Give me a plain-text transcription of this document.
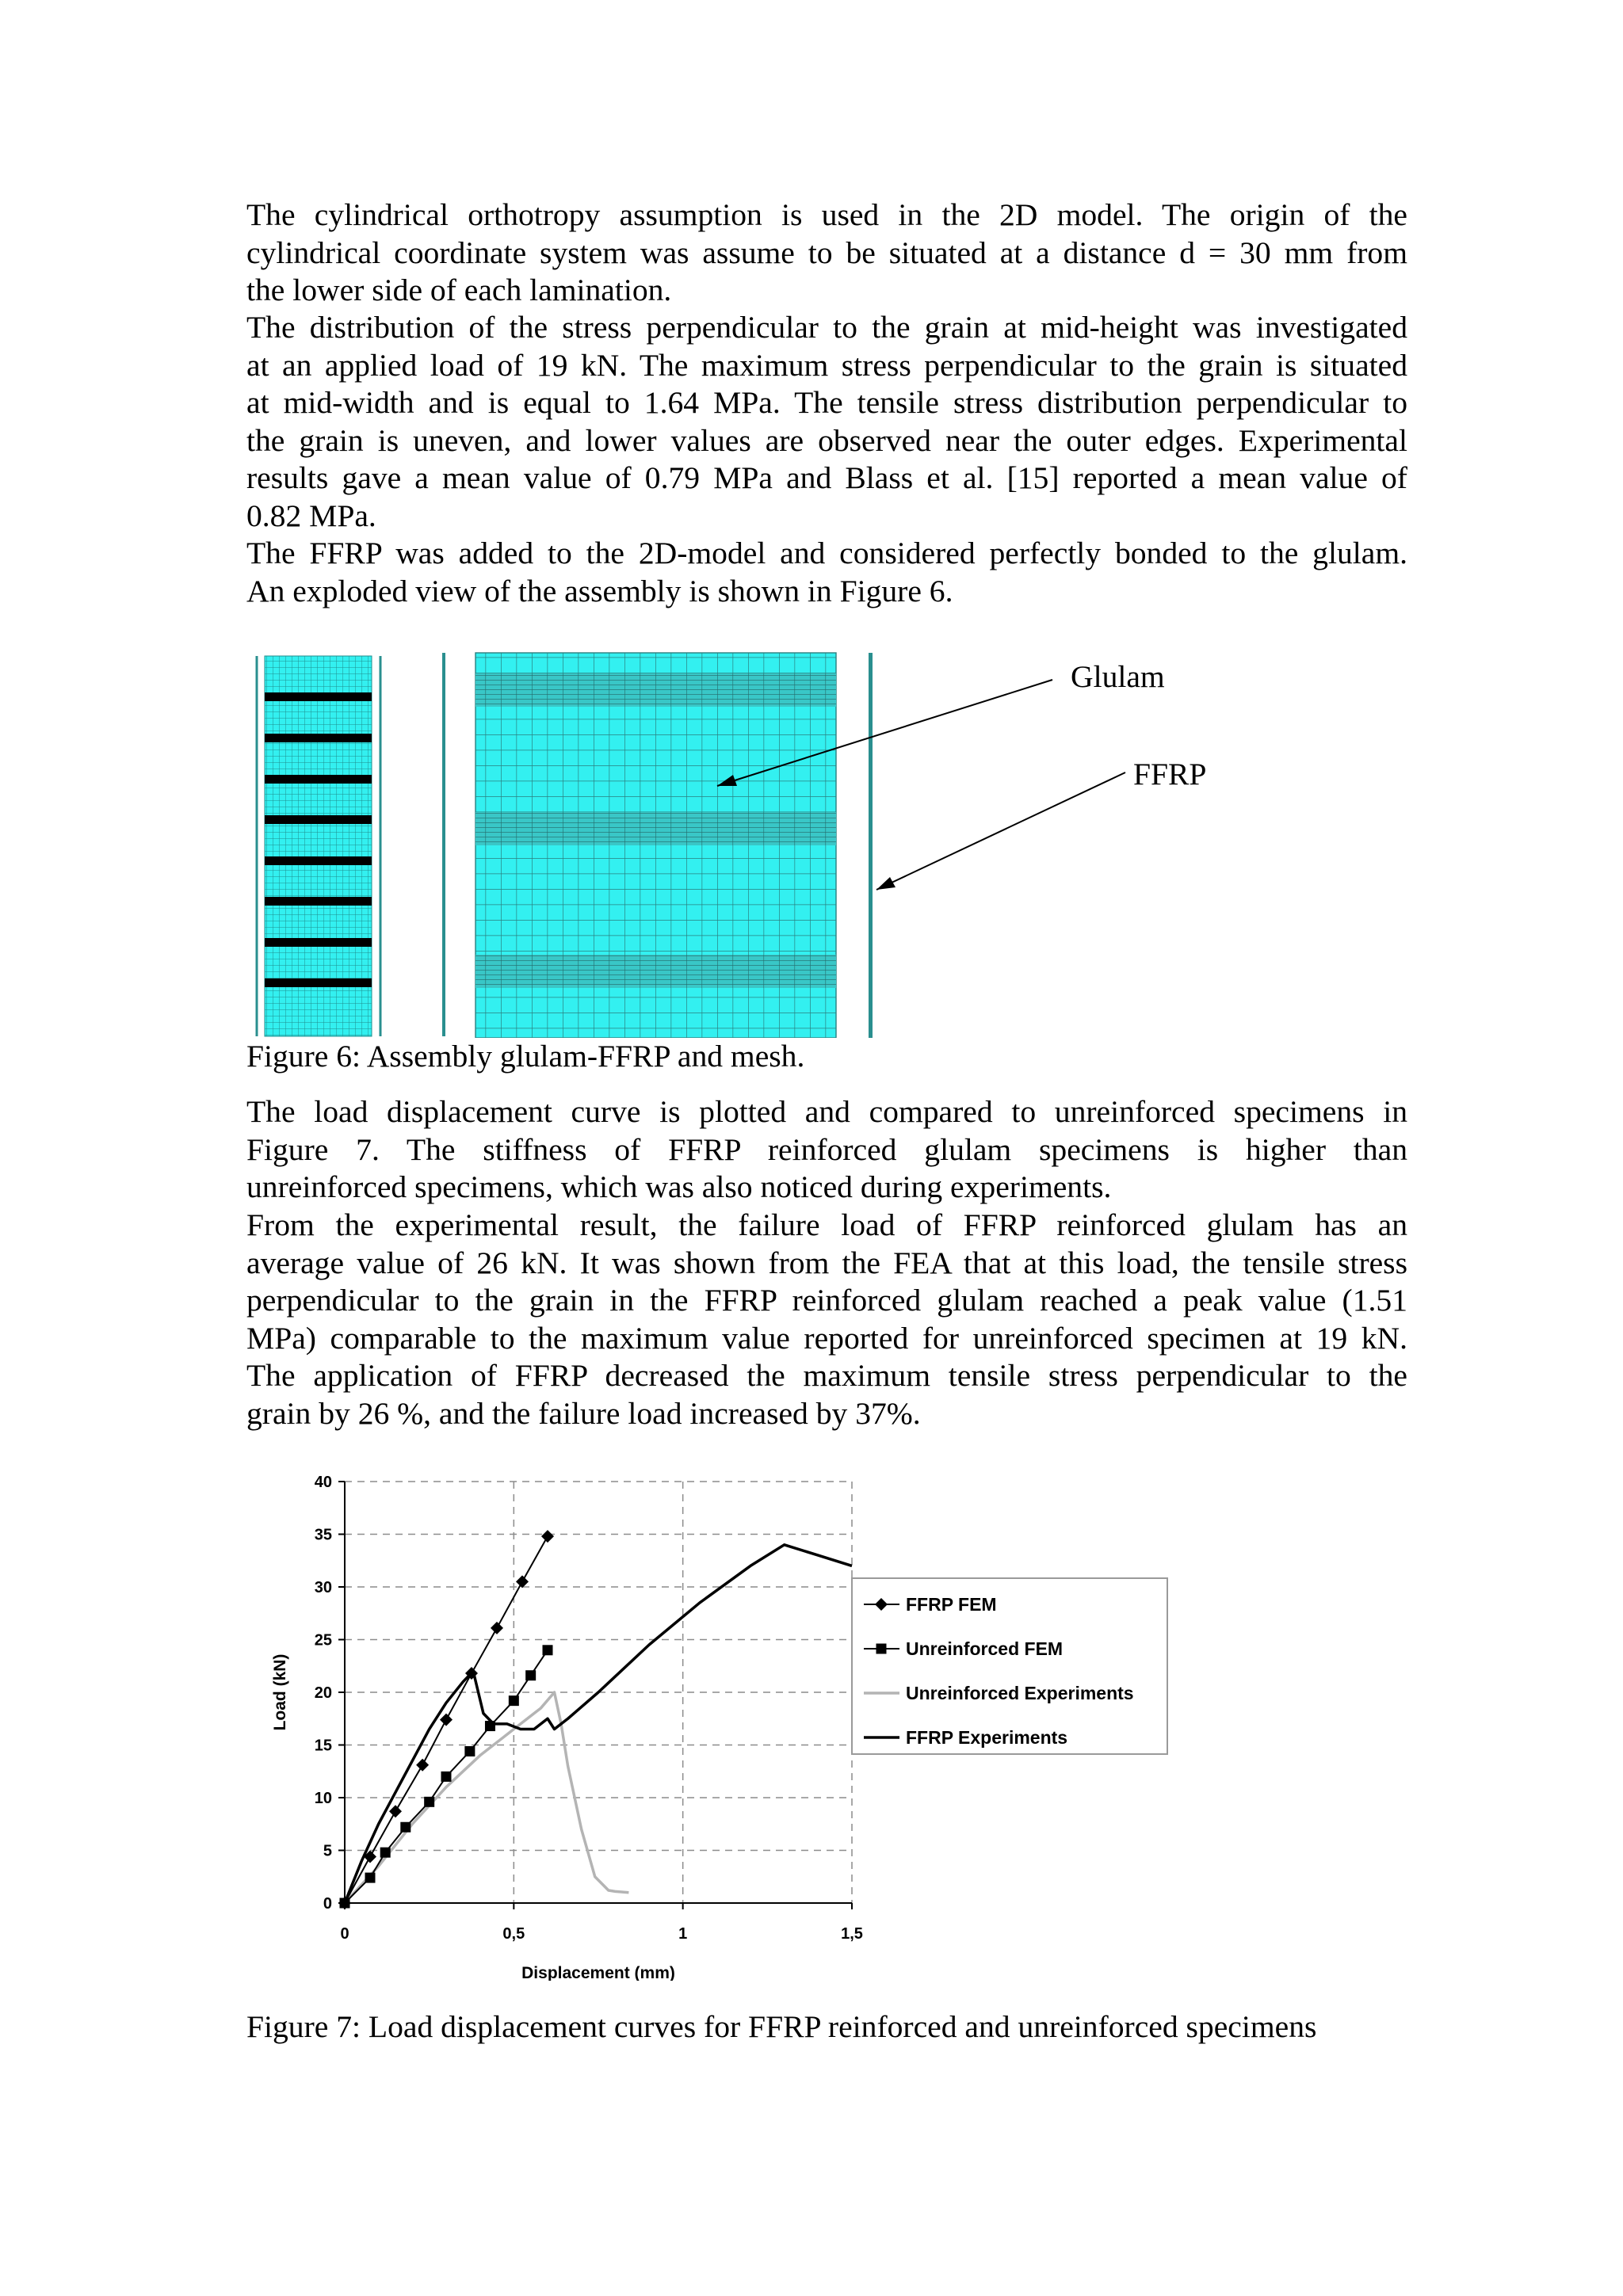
The cylindrical orthotropy assumption is used in the 2D model. The origin of the
cylindrical coordinate system was assume to be situated at a distance d = 30 mm from
the lower side of each lamination.
The distribution of the stress perpendicular to the grain at mid-height was investigated
at an applied load of 19 kN. The maximum stress perpendicular to the grain is situated
at mid-width and is equal to 1.64 MPa. The tensile stress distribution perpendicular to
the grain is uneven, and lower values are observed near the outer edges. Experimental
results gave a mean value of 0.79 MPa and Blass et al. [15] reported a mean value of
0.82 MPa.
The FFRP was added to the 2D-model and considered perfectly bonded to the glulam.
An exploded view of the assembly is shown in Figure 6.
Glulam
FFRP

Figure 6: Assembly glulam-FFRP and mesh.

The load displacement curve is plotted and compared to unreinforced specimens in
Figure 7. The stiffness of FFRP reinforced glulam specimens is higher than
unreinforced specimens, which was also noticed during experiments.
From the experimental result, the failure load of FFRP reinforced glulam has an
average value of 26 kN. It was shown from the FEA that at this load, the tensile stress
perpendicular to the grain in the FFRP reinforced glulam reached a peak value (1.51
MPa) comparable to the maximum value reported for unreinforced specimen at 19 kN.
The application of FFRP decreased the maximum tensile stress perpendicular to the
grain by 26 %, and the failure load increased by 37%.
0
5
10
15
20
25
30
35
40
0	0,5	1	1,5
Displacement (mm)
Load (kN)
FFRP FEM
Unreinforced FEM
Unreinforced Experiments
FFRP Experiments

Figure 7: Load displacement curves for FFRP reinforced and unreinforced specimens
